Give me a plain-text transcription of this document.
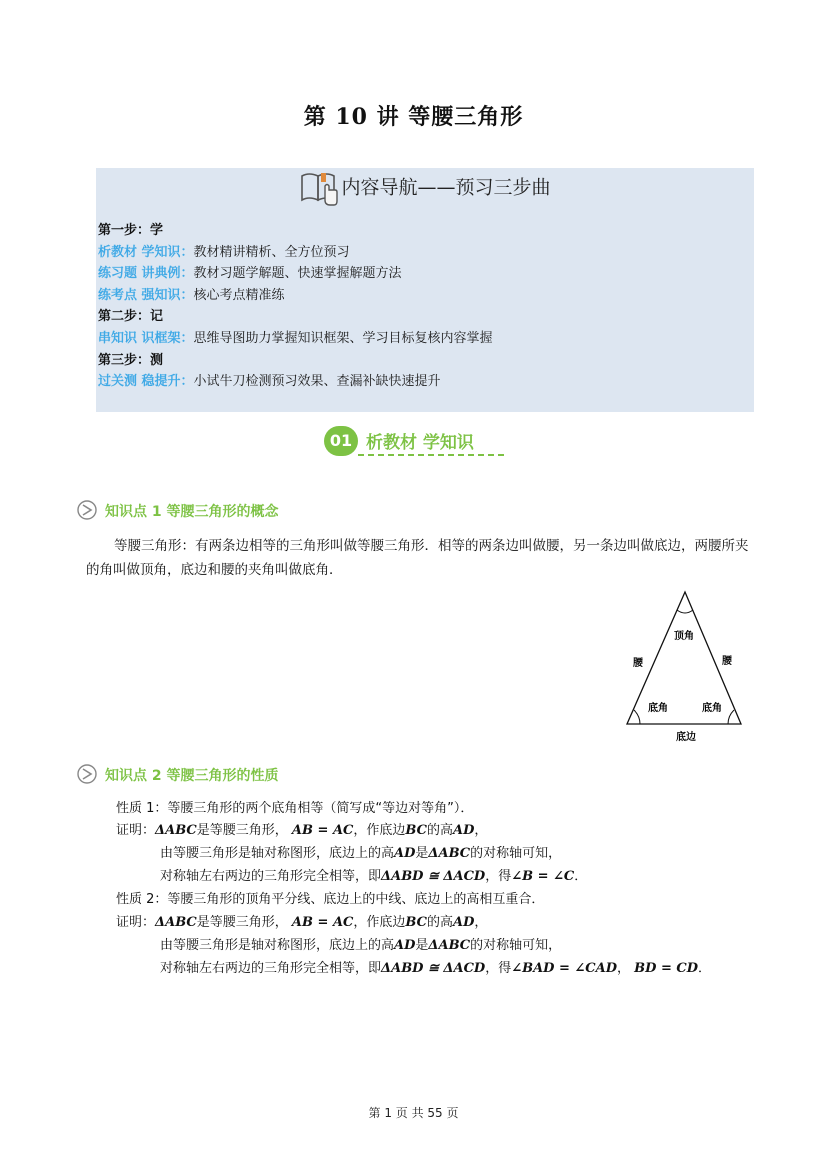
第 10 讲 等腰三角形
内容导航——预习三步曲
第一步：学
析教材 学知识：教材精讲精析、全方位预习
练习题 讲典例：教材习题学解题、快速掌握解题方法
练考点 强知识：核心考点精准练
第二步：记
串知识 识框架：思维导图助力掌握知识框架、学习目标复核内容掌握
第三步：测
过关测 稳提升：小试牛刀检测预习效果、查漏补缺快速提升
01 析教材 学知识
知识点 1 等腰三角形的概念
等腰三角形：有两条边相等的三角形叫做等腰三角形．相等的两条边叫做腰，另一条边叫做底边，两腰所夹的角叫做顶角，底边和腰的夹角叫做底角．
顶角
腰	腰
底角	底角
底边
知识点 2 等腰三角形的性质
性质 1：等腰三角形的两个底角相等（简写成“等边对等角”）．
证明：ΔABC是等腰三角形， AB = AC，作底边BC的高AD，
由等腰三角形是轴对称图形，底边上的高AD是ΔABC的对称轴可知，
对称轴左右两边的三角形完全相等，即ΔABD ≅ ΔACD，得∠B = ∠C．
性质 2：等腰三角形的顶角平分线、底边上的中线、底边上的高相互重合．
证明：ΔABC是等腰三角形， AB = AC，作底边BC的高AD，
由等腰三角形是轴对称图形，底边上的高AD是ΔABC的对称轴可知，
对称轴左右两边的三角形完全相等，即ΔABD ≅ ΔACD，得∠BAD = ∠CAD， BD = CD．
第 1 页 共 55 页
